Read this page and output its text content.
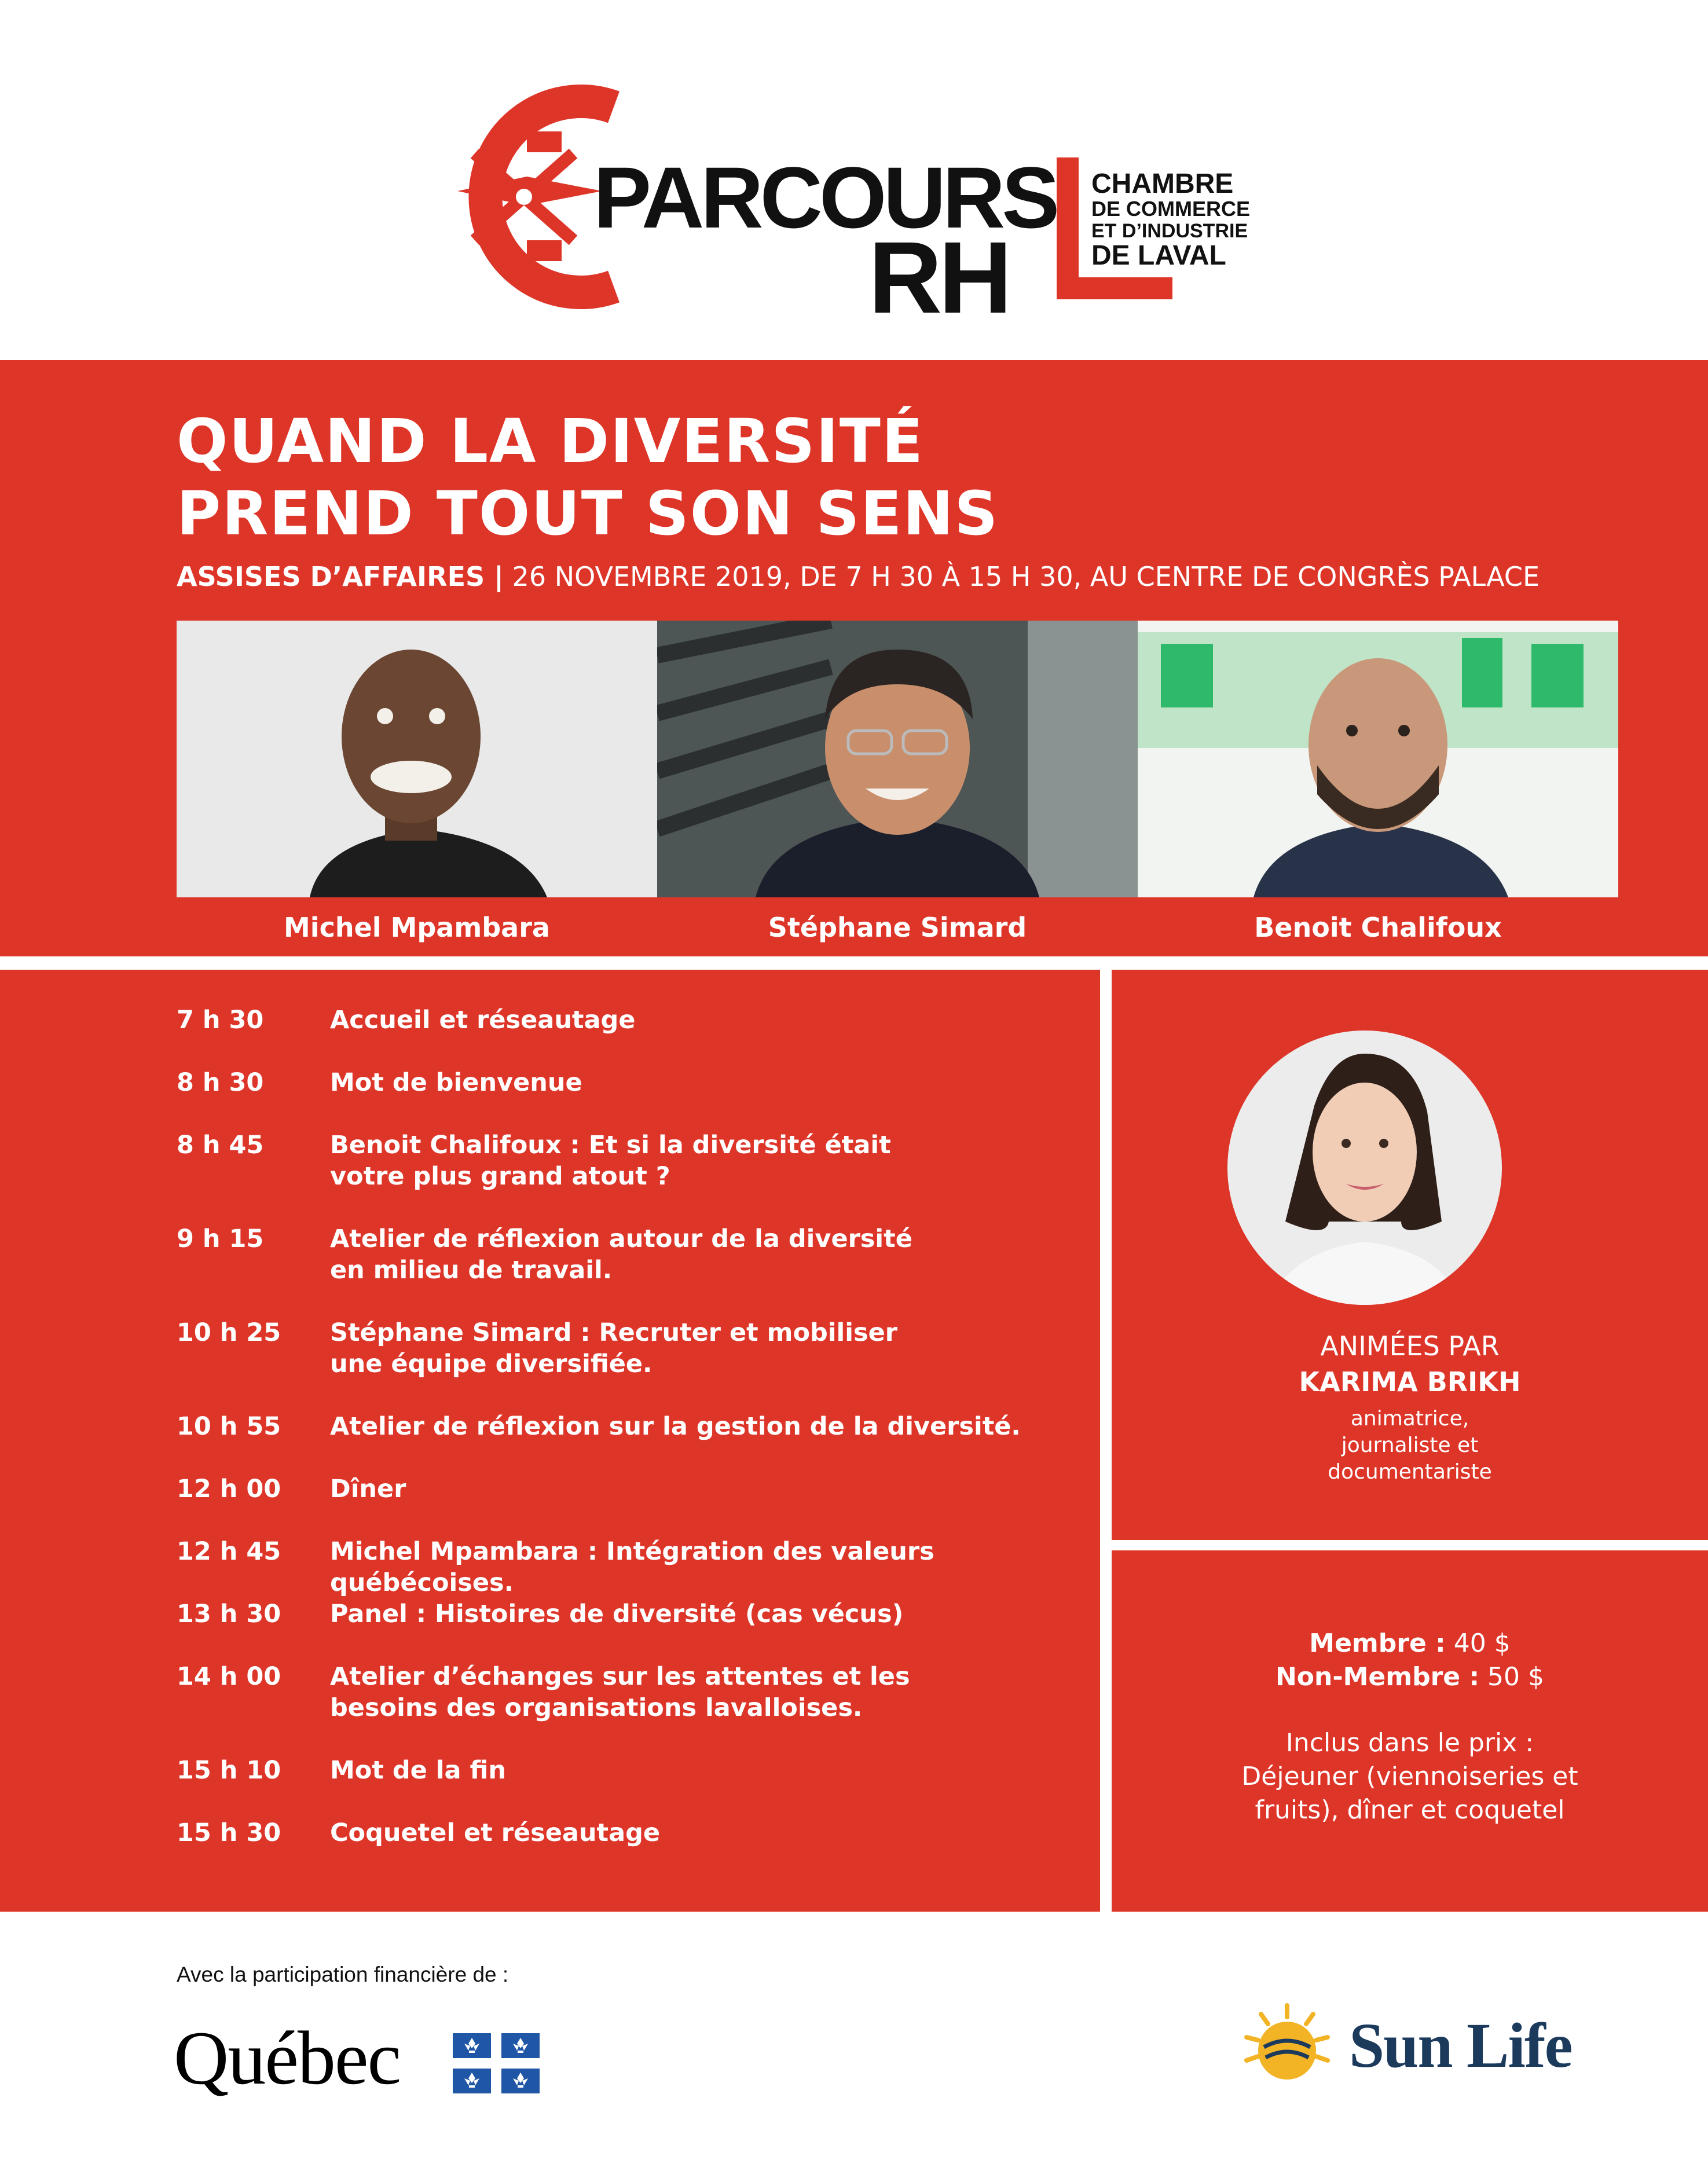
PARCOURS
RH
CHAMBRE
DE COMMERCE
ET D’INDUSTRIE
DE LAVAL
QUAND LA DIVERSITÉ
PREND TOUT SON SENS
ASSISES D’AFFAIRES | 26 NOVEMBRE 2019, DE 7 H 30 À 15 H 30, AU CENTRE DE CONGRÈS PALACE
Michel Mpambara	Stéphane Simard	Benoit Chalifoux
7 h 30	Accueil et réseautage
8 h 30	Mot de bienvenue
8 h 45	Benoit Chalifoux : Et si la diversité était votre plus grand atout ?
9 h 15	Atelier de réflexion autour de la diversité en milieu de travail.
10 h 25	Stéphane Simard : Recruter et mobiliser une équipe diversifiée.
10 h 55	Atelier de réflexion sur la gestion de la diversité.
12 h 00	Dîner
12 h 45	Michel Mpambara : Intégration des valeurs québécoises.
13 h 30	Panel : Histoires de diversité (cas vécus)
14 h 00	Atelier d’échanges sur les attentes et les besoins des organisations lavalloises.
15 h 10	Mot de la fin
15 h 30	Coquetel et réseautage
ANIMÉES PAR
KARIMA BRIKH
animatrice,
journaliste et
documentariste
Membre : 40 $
Non-Membre : 50 $
Inclus dans le prix :
Déjeuner (viennoiseries et
fruits), dîner et coquetel
Avec la participation financière de :
Québec	Sun Life
